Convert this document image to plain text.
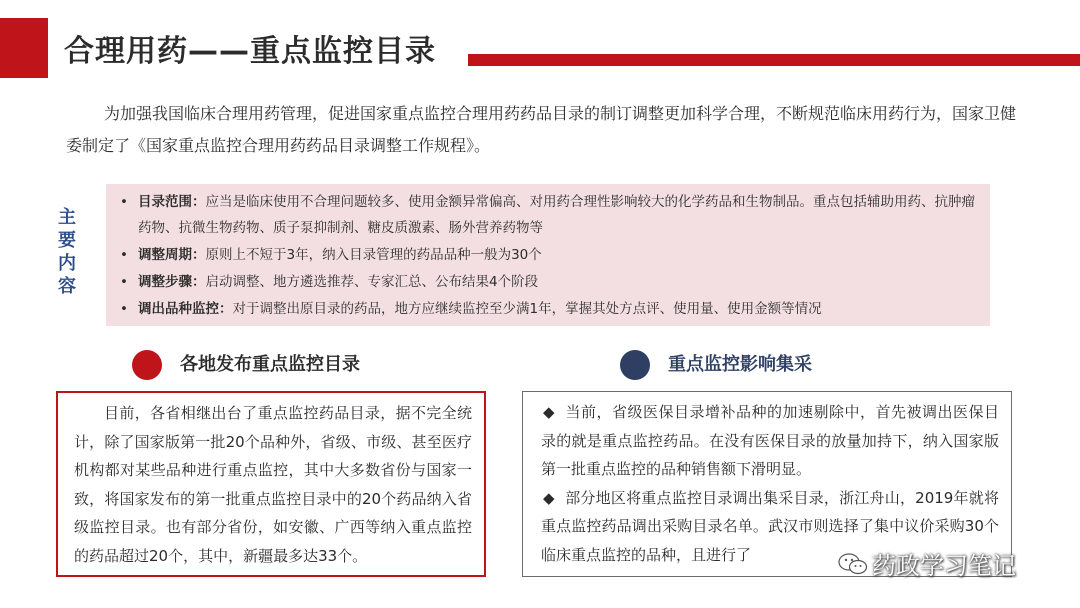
合理用药——重点监控目录
为加强我国临床合理用药管理，促进国家重点监控合理用药药品目录的制订调整更加科学合理，不断规范临床用药行为，国家卫健委制定了《国家重点监控合理用药药品目录调整工作规程》。
主
要
内
容
• 目录范围：应当是临床使用不合理问题较多、使用金额异常偏高、对用药合理性影响较大的化学药品和生物制品。重点包括辅助用药、抗肿瘤药物、抗微生物药物、质子泵抑制剂、糖皮质激素、肠外营养药物等
• 调整周期：原则上不短于3年，纳入目录管理的药品品种一般为30个
• 调整步骤：启动调整、地方遴选推荐、专家汇总、公布结果4个阶段
• 调出品种监控：对于调整出原目录的药品，地方应继续监控至少满1年，掌握其处方点评、使用量、使用金额等情况
各地发布重点监控目录	重点监控影响集采

目前，各省相继出台了重点监控药品目录，据不完全统计，除了国家版第一批20个品种外，省级、市级、甚至医疗机构都对某些品种进行重点监控，其中大多数省份与国家一致，将国家发布的第一批重点监控目录中的20个药品纳入省级监控目录。也有部分省份，如安徽、广西等纳入重点监控的药品超过20个，其中，新疆最多达33个。

◆ 当前，省级医保目录增补品种的加速剔除中，首先被调出医保目录的就是重点监控药品。在没有医保目录的放量加持下，纳入国家版第一批重点监控的品种销售额下滑明显。

◆ 部分地区将重点监控目录调出集采目录，浙江舟山，2019年就将重点监控药品调出采购目录名单。武汉市则选择了集中议价采购30个临床重点监控的品种，且进行了	药政学习笔记
